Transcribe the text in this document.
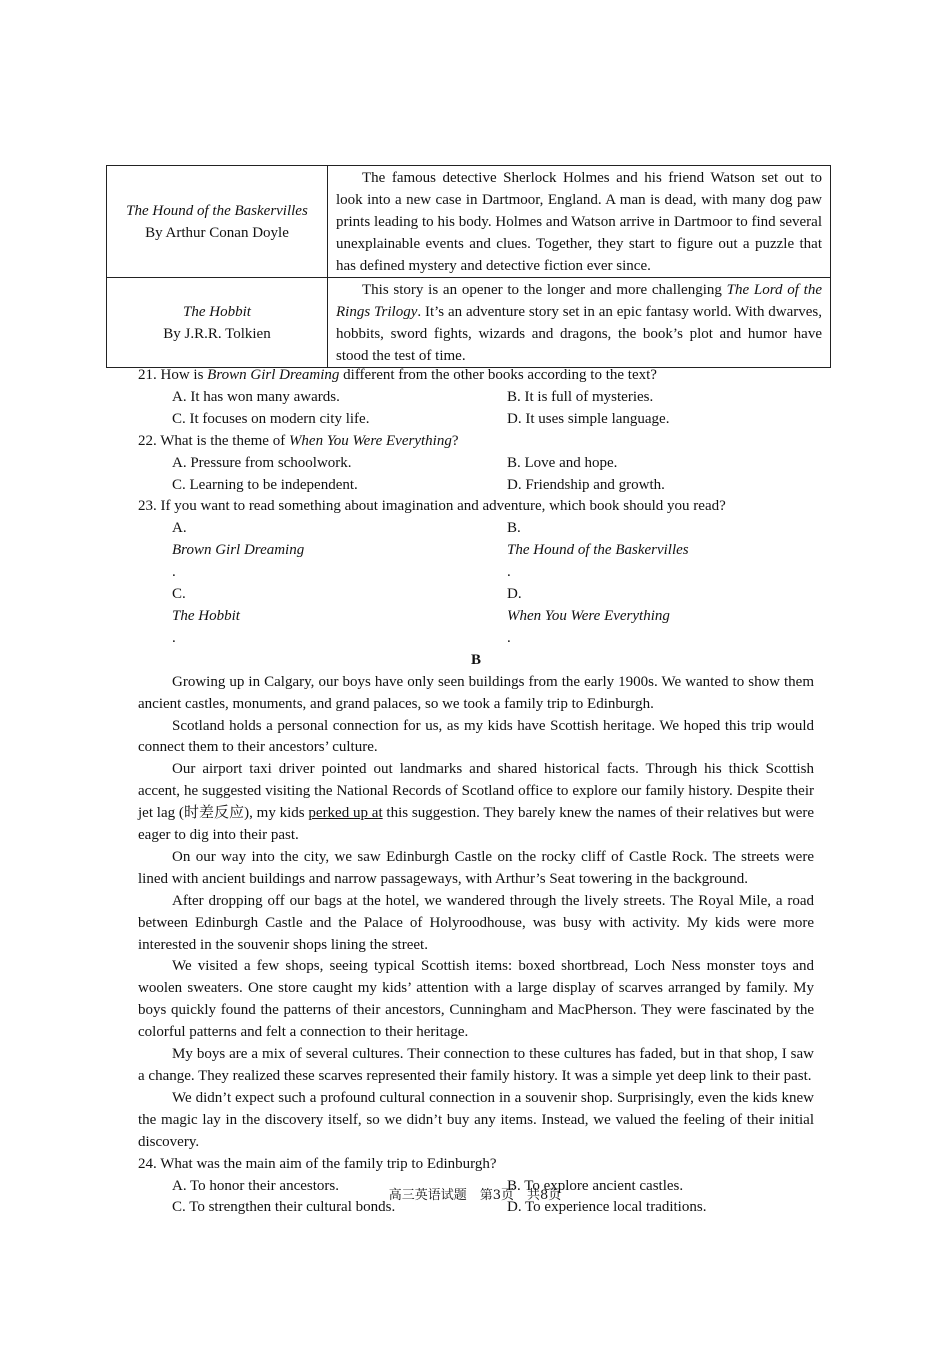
The Hound of the Baskervilles
By Arthur Conan Doyle	The famous detective Sherlock Holmes and his friend Watson set out to look into a new case in Dartmoor, England. A man is dead, with many dog paw prints leading to his body. Holmes and Watson arrive in Dartmoor to find several unexplainable events and clues. Together, they start to figure out a puzzle that has defined mystery and detective fiction ever since.

The Hobbit
By J.R.R. Tolkien	This story is an opener to the longer and more challenging The Lord of the Rings Trilogy. It’s an adventure story set in an epic fantasy world. With dwarves, hobbits, sword fights, wizards and dragons, the book’s plot and humor have stood the test of time.

21. How is Brown Girl Dreaming different from the other books according to the text?

A. It has won many awards.	B. It is full of mysteries.
C. It focuses on modern city life.	D. It uses simple language.

22. What is the theme of When You Were Everything?

A. Pressure from schoolwork.	B. Love and hope.
C. Learning to be independent.	D. Friendship and growth.

23. If you want to read something about imagination and adventure, which book should you read?

A.
Brown Girl Dreaming
.
B.
The Hound of the Baskervilles
.
C.
The Hobbit
.
D.
When You Were Everything
.

B

Growing up in Calgary, our boys have only seen buildings from the early 1900s. We wanted to show them ancient castles, monuments, and grand palaces, so we took a family trip to Edinburgh.

Scotland holds a personal connection for us, as my kids have Scottish heritage. We hoped this trip would connect them to their ancestors’ culture.

Our airport taxi driver pointed out landmarks and shared historical facts. Through his thick Scottish accent, he suggested visiting the National Records of Scotland office to explore our family history. Despite their jet lag (时差反应), my kids perked up at this suggestion. They barely knew the names of their relatives but were eager to dig into their past.

On our way into the city, we saw Edinburgh Castle on the rocky cliff of Castle Rock. The streets were lined with ancient buildings and narrow passageways, with Arthur’s Seat towering in the background.

After dropping off our bags at the hotel, we wandered through the lively streets. The Royal Mile, a road between Edinburgh Castle and the Palace of Holyroodhouse, was busy with activity. My kids were more interested in the souvenir shops lining the street.

We visited a few shops, seeing typical Scottish items: boxed shortbread, Loch Ness monster toys and woolen sweaters. One store caught my kids’ attention with a large display of scarves arranged by family. My boys quickly found the patterns of their ancestors, Cunningham and MacPherson. They were fascinated by the colorful patterns and felt a connection to their heritage.

My boys are a mix of several cultures. Their connection to these cultures has faded, but in that shop, I saw a change. They realized these scarves represented their family history. It was a simple yet deep link to their past.

We didn’t expect such a profound cultural connection in a souvenir shop. Surprisingly, even the kids knew the magic lay in the discovery itself, so we didn’t buy any items. Instead, we valued the feeling of their initial discovery.

24. What was the main aim of the family trip to Edinburgh?

A. To honor their ancestors.	B. To explore ancient castles.
C. To strengthen their cultural bonds.	D. To experience local traditions.
高三英语试题　第3页　共8页
